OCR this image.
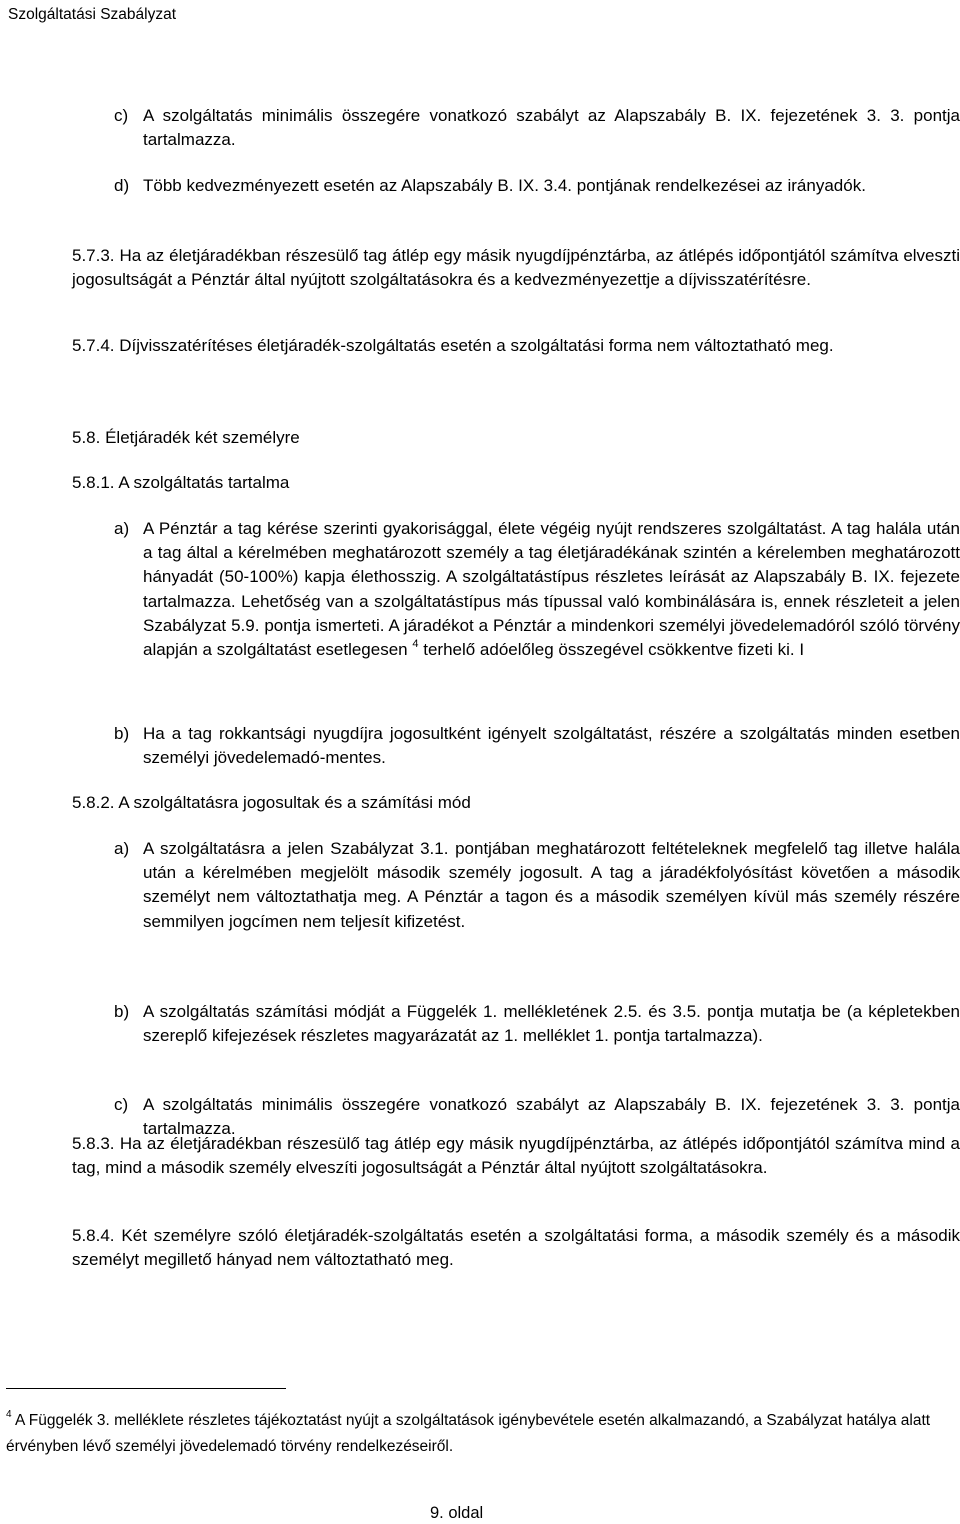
Szolgáltatási Szabályzat
c) A szolgáltatás minimális összegére vonatkozó szabályt az Alapszabály B. IX. fejezetének 3. 3. pontja tartalmazza.
d) Több kedvezményezett esetén az Alapszabály B. IX. 3.4. pontjának rendelkezései az irányadók.

5.7.3. Ha az életjáradékban részesülő tag átlép egy másik nyugdíjpénztárba, az átlépés időpontjától számítva elveszti jogosultságát a Pénztár által nyújtott szolgáltatásokra és a kedvezményezettje a díjvisszatérítésre.

5.7.4. Díjvisszatérítéses életjáradék-szolgáltatás esetén a szolgáltatási forma nem változtatható meg.

5.8. Életjáradék két személyre
5.8.1. A szolgáltatás tartalma
a) A Pénztár a tag kérése szerinti gyakorisággal, élete végéig nyújt rendszeres szolgáltatást. A tag halála után a tag által a kérelmében meghatározott személy a tag életjáradékának szintén a kérelemben meghatározott hányadát (50-100%) kapja élethosszig. A szolgáltatástípus részletes leírását az Alapszabály B. IX. fejezete tartalmazza. Lehetőség van a szolgáltatástípus más típussal való kombinálására is, ennek részleteit a jelen Szabályzat 5.9. pontja ismerteti. A járadékot a Pénztár a mindenkori személyi jövedelemadóról szóló törvény alapján a szolgáltatást esetlegesen $^4$ terhelő adóelőleg összegével csökkentve fizeti ki. I
b) Ha a tag rokkantsági nyugdíjra jogosultként igényelt szolgáltatást, részére a szolgáltatás minden esetben személyi jövedelemadó-mentes.
5.8.2. A szolgáltatásra jogosultak és a számítási mód
a) A szolgáltatásra a jelen Szabályzat 3.1. pontjában meghatározott feltételeknek megfelelő tag illetve halála után a kérelmében megjelölt második személy jogosult. A tag a járadékfolyósítást követően a második személyt nem változtathatja meg. A Pénztár a tagon és a második személyen kívül más személy részére semmilyen jogcímen nem teljesít kifizetést.
b) A szolgáltatás számítási módját a Függelék 1. mellékletének 2.5. és 3.5. pontja mutatja be (a képletekben szereplő kifejezések részletes magyarázatát az 1. melléklet 1. pontja tartalmazza).
c) A szolgáltatás minimális összegére vonatkozó szabályt az Alapszabály B. IX. fejezetének 3. 3. pontja tartalmazza.

5.8.3. Ha az életjáradékban részesülő tag átlép egy másik nyugdíjpénztárba, az átlépés időpontjától számítva mind a tag, mind a második személy elveszíti jogosultságát a Pénztár által nyújtott szolgáltatásokra.

5.8.4. Két személyre szóló életjáradék-szolgáltatás esetén a szolgáltatási forma, a második személy és a második személyt megillető hányad nem változtatható meg.

$^4$ A Függelék 3. melléklete részletes tájékoztatást nyújt a szolgáltatások igénybevétele esetén alkalmazandó, a Szabályzat hatálya alatt érvényben lévő személyi jövedelemadó törvény rendelkezéseiről.
9. oldal
